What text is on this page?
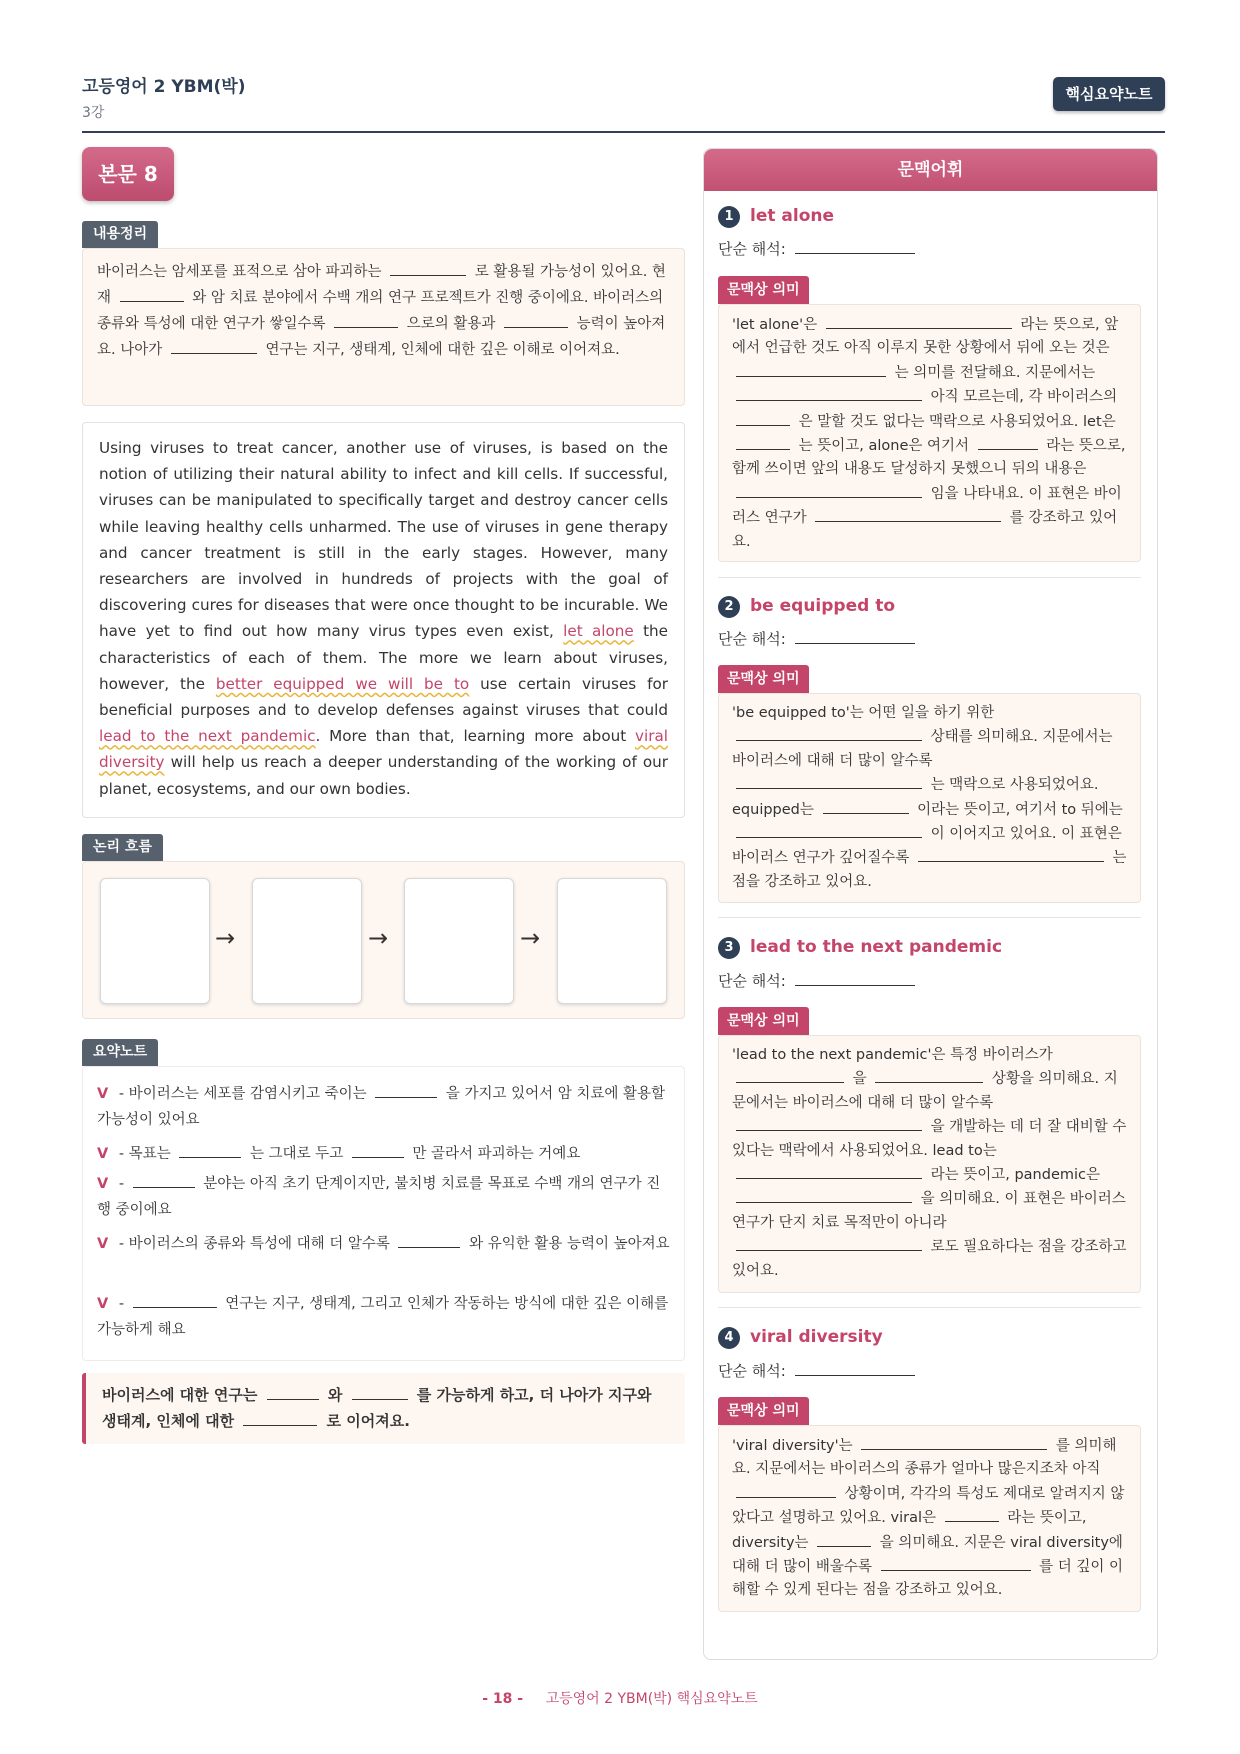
고등영어 2 YBM(박)
3강
핵심요약노트
본문 8
내용정리
바이러스는 암세포를 표적으로 삼아 파괴하는	로 활용될 가능성이 있어요. 현재	와 암 치료 분야에서 수백 개의 연구 프로젝트가 진행 중이에요. 바이러스의 종류와 특성에 대한 연구가 쌓일수록	으로의 활용과	능력이 높아져요. 나아가	연구는 지구, 생태계, 인체에 대한 깊은 이해로 이어져요.
Using viruses to treat cancer, another use of viruses, is based on the notion of utilizing their natural ability to infect and kill cells. If successful, viruses can be manipulated to specifically target and destroy cancer cells while leaving healthy cells unharmed. The use of viruses in gene therapy and cancer treatment is still in the early stages. However, many researchers are involved in hundreds of projects with the goal of discovering cures for diseases that were once thought to be incurable. We have yet to find out how many virus types even exist, let alone the characteristics of each of them. The more we learn about viruses, however, the better equipped we will be to use certain viruses for beneficial purposes and to develop defenses against viruses that could lead to the next pandemic. More than that, learning more about viral diversity will help us reach a deeper understanding of the working of our planet, ecosystems, and our own bodies.
논리 흐름
→	→	→
요약노트
V - 바이러스는 세포를 감염시키고 죽이는	을 가지고 있어서 암 치료에 활용할 가능성이 있어요
V - 목표는	는 그대로 두고	만 골라서 파괴하는 거예요
V -	분야는 아직 초기 단계이지만, 불치병 치료를 목표로 수백 개의 연구가 진행 중이에요
V - 바이러스의 종류와 특성에 대해 더 알수록	와 유익한 활용 능력이 높아져요
V -	연구는 지구, 생태계, 그리고 인체가 작동하는 방식에 대한 깊은 이해를 가능하게 해요
바이러스에 대한 연구는	와	를 가능하게 하고, 더 나아가 지구와 생태계, 인체에 대한	로 이어져요.
문맥어휘
1 let alone
단순 해석:
문맥상 의미
'let alone'은	라는 뜻으로, 앞에서 언급한 것도 아직 이루지 못한 상황에서 뒤에 오는 것은  는 의미를 전달해요. 지문에서는  아직 모르는데, 각 바이러스의  은 말할 것도 없다는 맥락으로 사용되었어요. let은  는 뜻이고, alone은 여기서	라는 뜻으로, 함께 쓰이면 앞의 내용도 달성하지 못했으니 뒤의 내용은  임을 나타내요. 이 표현은 바이러스 연구가	를 강조하고 있어요.
2 be equipped to
단순 해석:
문맥상 의미
'be equipped to'는 어떤 일을 하기 위한  상태를 의미해요. 지문에서는 바이러스에 대해 더 많이 알수록  는 맥락으로 사용되었어요. equipped는	이라는 뜻이고, 여기서 to 뒤에는  이 이어지고 있어요. 이 표현은 바이러스 연구가 깊어질수록	는 점을 강조하고 있어요.
3 lead to the next pandemic
단순 해석:
문맥상 의미
'lead to the next pandemic'은 특정 바이러스가  을	상황을 의미해요. 지문에서는 바이러스에 대해 더 많이 알수록  을 개발하는 데 더 잘 대비할 수 있다는 맥락에서 사용되었어요. lead to는  라는 뜻이고, pandemic은  을 의미해요. 이 표현은 바이러스 연구가 단지 치료 목적만이 아니라  로도 필요하다는 점을 강조하고 있어요.
4 viral diversity
단순 해석:
문맥상 의미
'viral diversity'는	를 의미해요. 지문에서는 바이러스의 종류가 얼마나 많은지조차 아직  상황이며, 각각의 특성도 제대로 알려지지 않았다고 설명하고 있어요. viral은	라는 뜻이고, diversity는	을 의미해요. 지문은 viral diversity에 대해 더 많이 배울수록	를 더 깊이 이해할 수 있게 된다는 점을 강조하고 있어요.
- 18 - 고등영어 2 YBM(박) 핵심요약노트
